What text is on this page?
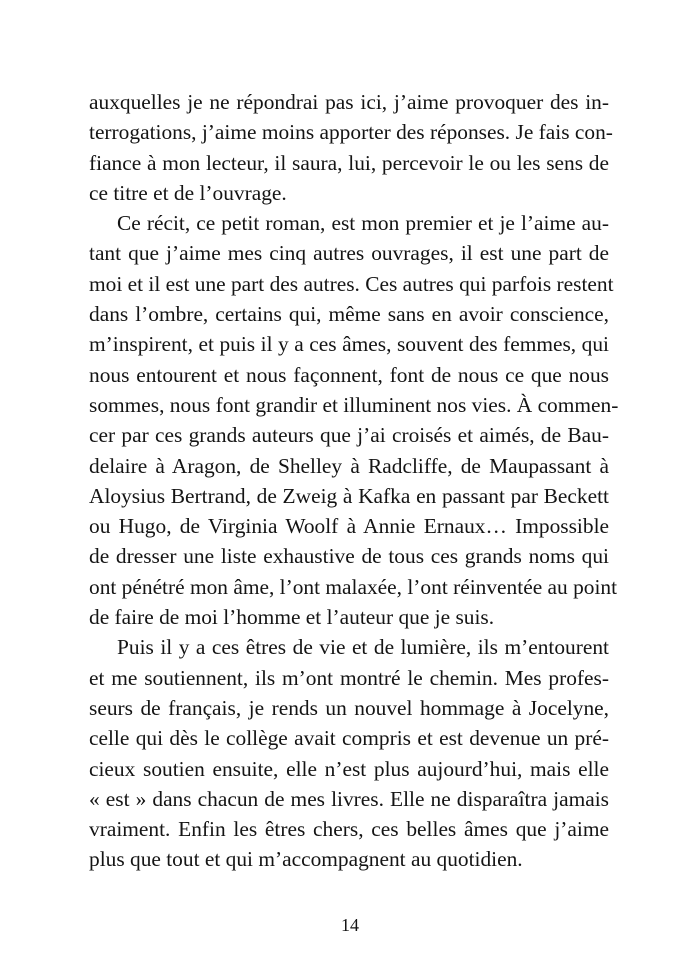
auxquelles je ne répondrai pas ici, j’aime provoquer des in-
terrogations, j’aime moins apporter des réponses. Je fais con-
fiance à mon lecteur, il saura, lui, percevoir le ou les sens de
ce titre et de l’ouvrage.
Ce récit, ce petit roman, est mon premier et je l’aime au-
tant que j’aime mes cinq autres ouvrages, il est une part de
moi et il est une part des autres. Ces autres qui parfois restent
dans l’ombre, certains qui, même sans en avoir conscience,
m’inspirent, et puis il y a ces âmes, souvent des femmes, qui
nous entourent et nous façonnent, font de nous ce que nous
sommes, nous font grandir et illuminent nos vies. À commen-
cer par ces grands auteurs que j’ai croisés et aimés, de Bau-
delaire à Aragon, de Shelley à Radcliffe, de Maupassant à
Aloysius Bertrand, de Zweig à Kafka en passant par Beckett
ou Hugo, de Virginia Woolf à Annie Ernaux… Impossible
de dresser une liste exhaustive de tous ces grands noms qui
ont pénétré mon âme, l’ont malaxée, l’ont réinventée au point
de faire de moi l’homme et l’auteur que je suis.
Puis il y a ces êtres de vie et de lumière, ils m’entourent
et me soutiennent, ils m’ont montré le chemin. Mes profes-
seurs de français, je rends un nouvel hommage à Jocelyne,
celle qui dès le collège avait compris et est devenue un pré-
cieux soutien ensuite, elle n’est plus aujourd’hui, mais elle
« est » dans chacun de mes livres. Elle ne disparaîtra jamais
vraiment. Enfin les êtres chers, ces belles âmes que j’aime
plus que tout et qui m’accompagnent au quotidien.
14
